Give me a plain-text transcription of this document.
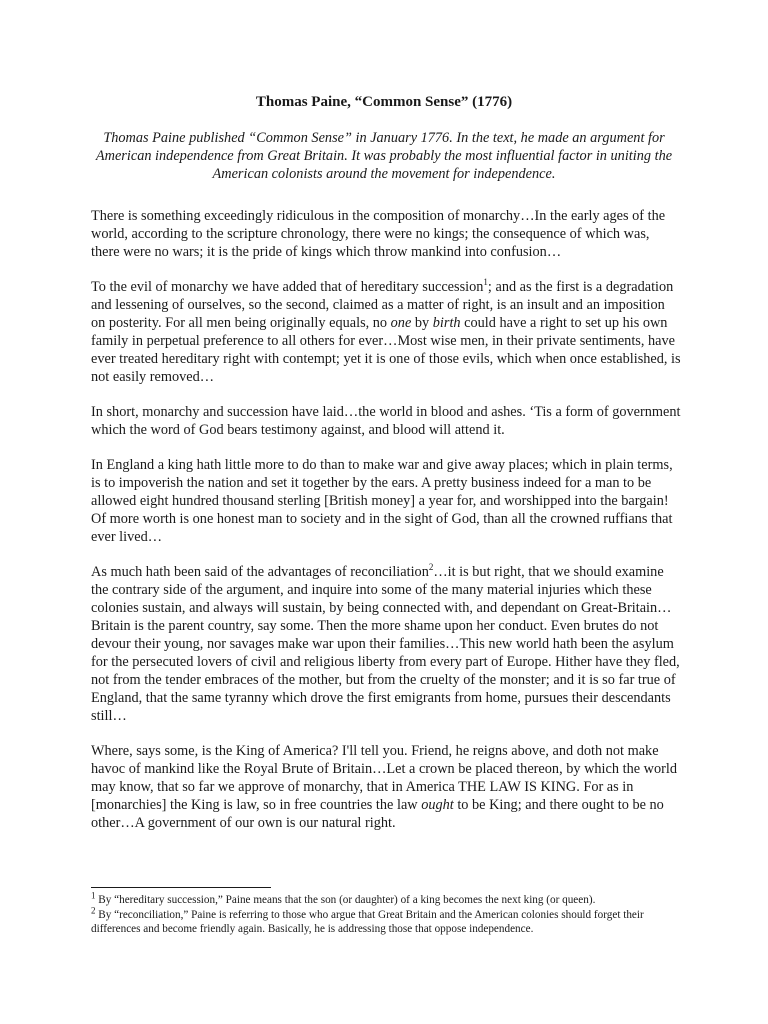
Thomas Paine, “Common Sense” (1776)
Thomas Paine published “Common Sense” in January 1776. In the text, he made an argument for American independence from Great Britain. It was probably the most influential factor in uniting the American colonists around the movement for independence.

There is something exceedingly ridiculous in the composition of monarchy…In the early ages of the world, according to the scripture chronology, there were no kings; the consequence of which was, there were no wars; it is the pride of kings which throw mankind into confusion…

To the evil of monarchy we have added that of hereditary succession$^1$; and as the first is a degradation and lessening of ourselves, so the second, claimed as a matter of right, is an insult and an imposition on posterity. For all men being originally equals, no one by birth could have a right to set up his own family in perpetual preference to all others for ever…Most wise men, in their private sentiments, have ever treated hereditary right with contempt; yet it is one of those evils, which when once established, is not easily removed…

In short, monarchy and succession have laid…the world in blood and ashes. ‘Tis a form of government which the word of God bears testimony against, and blood will attend it.

In England a king hath little more to do than to make war and give away places; which in plain terms, is to impoverish the nation and set it together by the ears. A pretty business indeed for a man to be allowed eight hundred thousand sterling [British money] a year for, and worshipped into the bargain! Of more worth is one honest man to society and in the sight of God, than all the crowned ruffians that ever lived…

As much hath been said of the advantages of reconciliation$^2$…it is but right, that we should examine the contrary side of the argument, and inquire into some of the many material injuries which these colonies sustain, and always will sustain, by being connected with, and dependant on Great-Britain…Britain is the parent country, say some. Then the more shame upon her conduct. Even brutes do not devour their young, nor savages make war upon their families…This new world hath been the asylum for the persecuted lovers of civil and religious liberty from every part of Europe. Hither have they fled, not from the tender embraces of the mother, but from the cruelty of the monster; and it is so far true of England, that the same tyranny which drove the first emigrants from home, pursues their descendants still…

Where, says some, is the King of America? I'll tell you. Friend, he reigns above, and doth not make havoc of mankind like the Royal Brute of Britain…Let a crown be placed thereon, by which the world may know, that so far we approve of monarchy, that in America THE LAW IS KING. For as in [monarchies] the King is law, so in free countries the law ought to be King; and there ought to be no other…A government of our own is our natural right.

$^1$ By “hereditary succession,” Paine means that the son (or daughter) of a king becomes the next king (or queen).
$^2$ By “reconciliation,” Paine is referring to those who argue that Great Britain and the American colonies should forget their differences and become friendly again. Basically, he is addressing those that oppose independence.
